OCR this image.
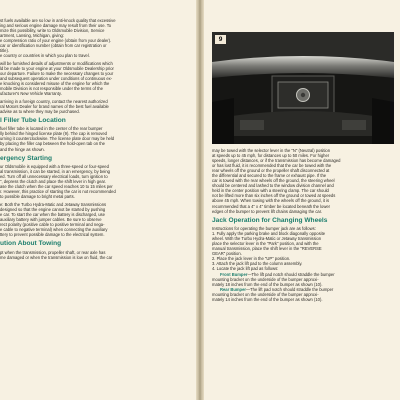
st fuels available are so low in anti-knock quality that excessive

ing and serious engine damage may result from their use. To

mize this possibility, write to Oldsmobile Division, Service

artment, Lansing, Michigan, giving:

e compression ratio of your engine (obtain from your dealer).

car or identification number (obtain from car registration or

title).

e country or countries in which you plan to travel.

will be furnished details of adjustments or modifications which

ld be made to your engine at your Oldsmobile Dealership prior

our departure. Failure to make the necessary changes to your

and subsequent operation under conditions of continuous ex-

e knocking is considered misuse of the engine for which the

mobile Division is not responsible under the terms of the

ufacturer's New Vehicle Warranty.

arriving in a foreign country, contact the nearest authorized

ral Motors Dealer for brand names of the best fuel available

advise as to where they may be purchased.

l Filler Tube Location

fuel filler tube is located in the center of the rear bumper

lly behind the hinged license plate (9). The cap is removed

urning it counterclockwise. The license plate door may be held

by placing the filler cap between the hold-open tab on the

and the hinge as shown.

ergency Starting

ur Oldsmobile is equipped with a three-speed or four-speed

al transmission, it can be started, in an emergency, by being

ed. Turn off all unnecessary electrical loads, turn ignition to

", depress the clutch and place the shift lever in high gear.

ase the clutch when the car speed reaches 10 to 15 miles per

r. However, this practice of starting the car is not recommended

to possible damage to bright metal parts.

e: Both the Turbo Hydra-Matic and Jetaway transmissions

designed so that the engine cannot be started by pushing

e car. To start the car when the battery is discharged, use

auxiliary battery with jumper cables. Be sure to observe

rect polarity (positive cable to positive terminal and nega-

e cable to negative terminal) when connecting the auxiliary

ttery to prevent possible damage to the electrical system.

ution About Towing

pt when the transmission, propeller shaft, or rear axle has

me damaged or when the transmission is low on fluid, the car

9

may be towed with the selector lever in the "N" (Neutral) position

at speeds up to 45 mph, for distances up to 50 miles. For higher

speeds, longer distances, or if the transmission has become damaged

or has lost fluid, it is recommended that the car be towed with the

rear wheels off the ground or the propeller shaft disconnected at

the differential and secured to the frame or exhaust pipe. If the

car is towed with the rear wheels off the ground, the steering wheel

should be centered and lashed to the window division channel and

held in the center position with a steering clamp. The car should

not be lifted more than six inches off the ground or towed at speeds

above 45 mph. When towing with the wheels off the ground, it is

recommended that a 4" x 4" timber be located beneath the lower

edges of the bumper to prevent lift chains damaging the car.

Jack Operation for Changing Wheels

Instructions for operating the bumper jack are as follows:

1. Fully apply the parking brake and block diagonally opposite

wheel. With the Turbo Hydra-Matic or Jetaway transmission

place the selector lever in the "Park" position, and with the

manual transmission, place the shift lever in the "REVERSE

GEAR" position.

2. Place the jack lever in the "UP" position.

3. Attach the jack lift pad to the column assembly.

4. Locate the jack lift pad as follows:

Front Bumper—The lift pad notch should straddle the bumper

mounting bracket on the underside of the bumper approxi-

mately 18 inches from the end of the bumper as shown (10).

Rear Bumper—The lift pad notch should straddle the bumper

mounting bracket on the underside of the bumper approxi-

mately 14 inches from the end of the bumper as shown (10).
